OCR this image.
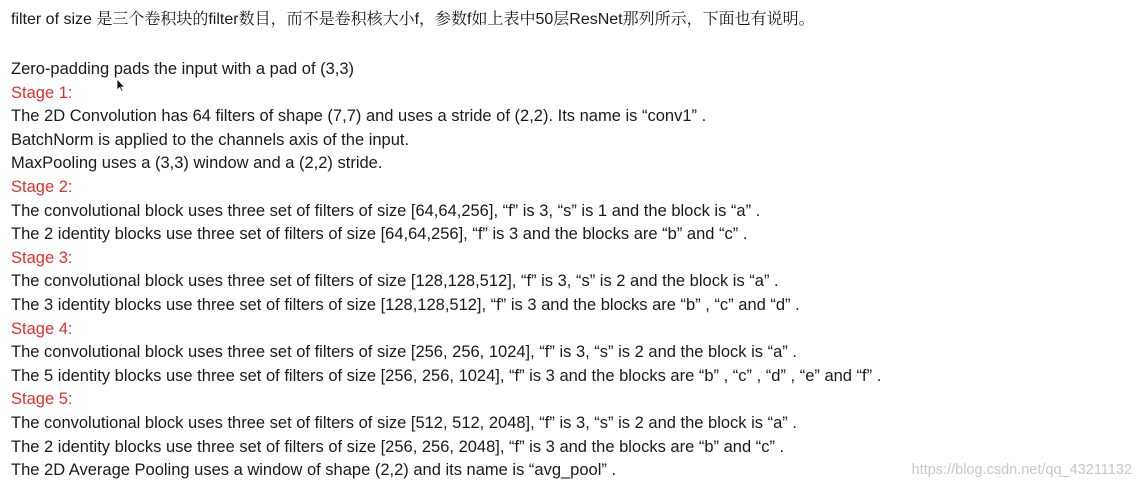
filter of size 是三个卷积块的filter数目，而不是卷积核大小f，参数f如上表中50层ResNet那列所示，下面也有说明。
Zero-padding pads the input with a pad of (3,3)
Stage 1:
The 2D Convolution has 64 filters of shape (7,7) and uses a stride of (2,2). Its name is “conv1” .
BatchNorm is applied to the channels axis of the input.
MaxPooling uses a (3,3) window and a (2,2) stride.
Stage 2:
The convolutional block uses three set of filters of size [64,64,256], “f” is 3, “s” is 1 and the block is “a” .
The 2 identity blocks use three set of filters of size [64,64,256], “f” is 3 and the blocks are “b” and “c” .
Stage 3:
The convolutional block uses three set of filters of size [128,128,512], “f” is 3, “s” is 2 and the block is “a” .
The 3 identity blocks use three set of filters of size [128,128,512], “f” is 3 and the blocks are “b” , “c” and “d” .
Stage 4:
The convolutional block uses three set of filters of size [256, 256, 1024], “f” is 3, “s” is 2 and the block is “a” .
The 5 identity blocks use three set of filters of size [256, 256, 1024], “f” is 3 and the blocks are “b” , “c” , “d” , “e” and “f” .
Stage 5:
The convolutional block uses three set of filters of size [512, 512, 2048], “f” is 3, “s” is 2 and the block is “a” .
The 2 identity blocks use three set of filters of size [256, 256, 2048], “f” is 3 and the blocks are “b” and “c” .
The 2D Average Pooling uses a window of shape (2,2) and its name is “avg_pool” .	https://blog.csdn.net/qq_43211132
